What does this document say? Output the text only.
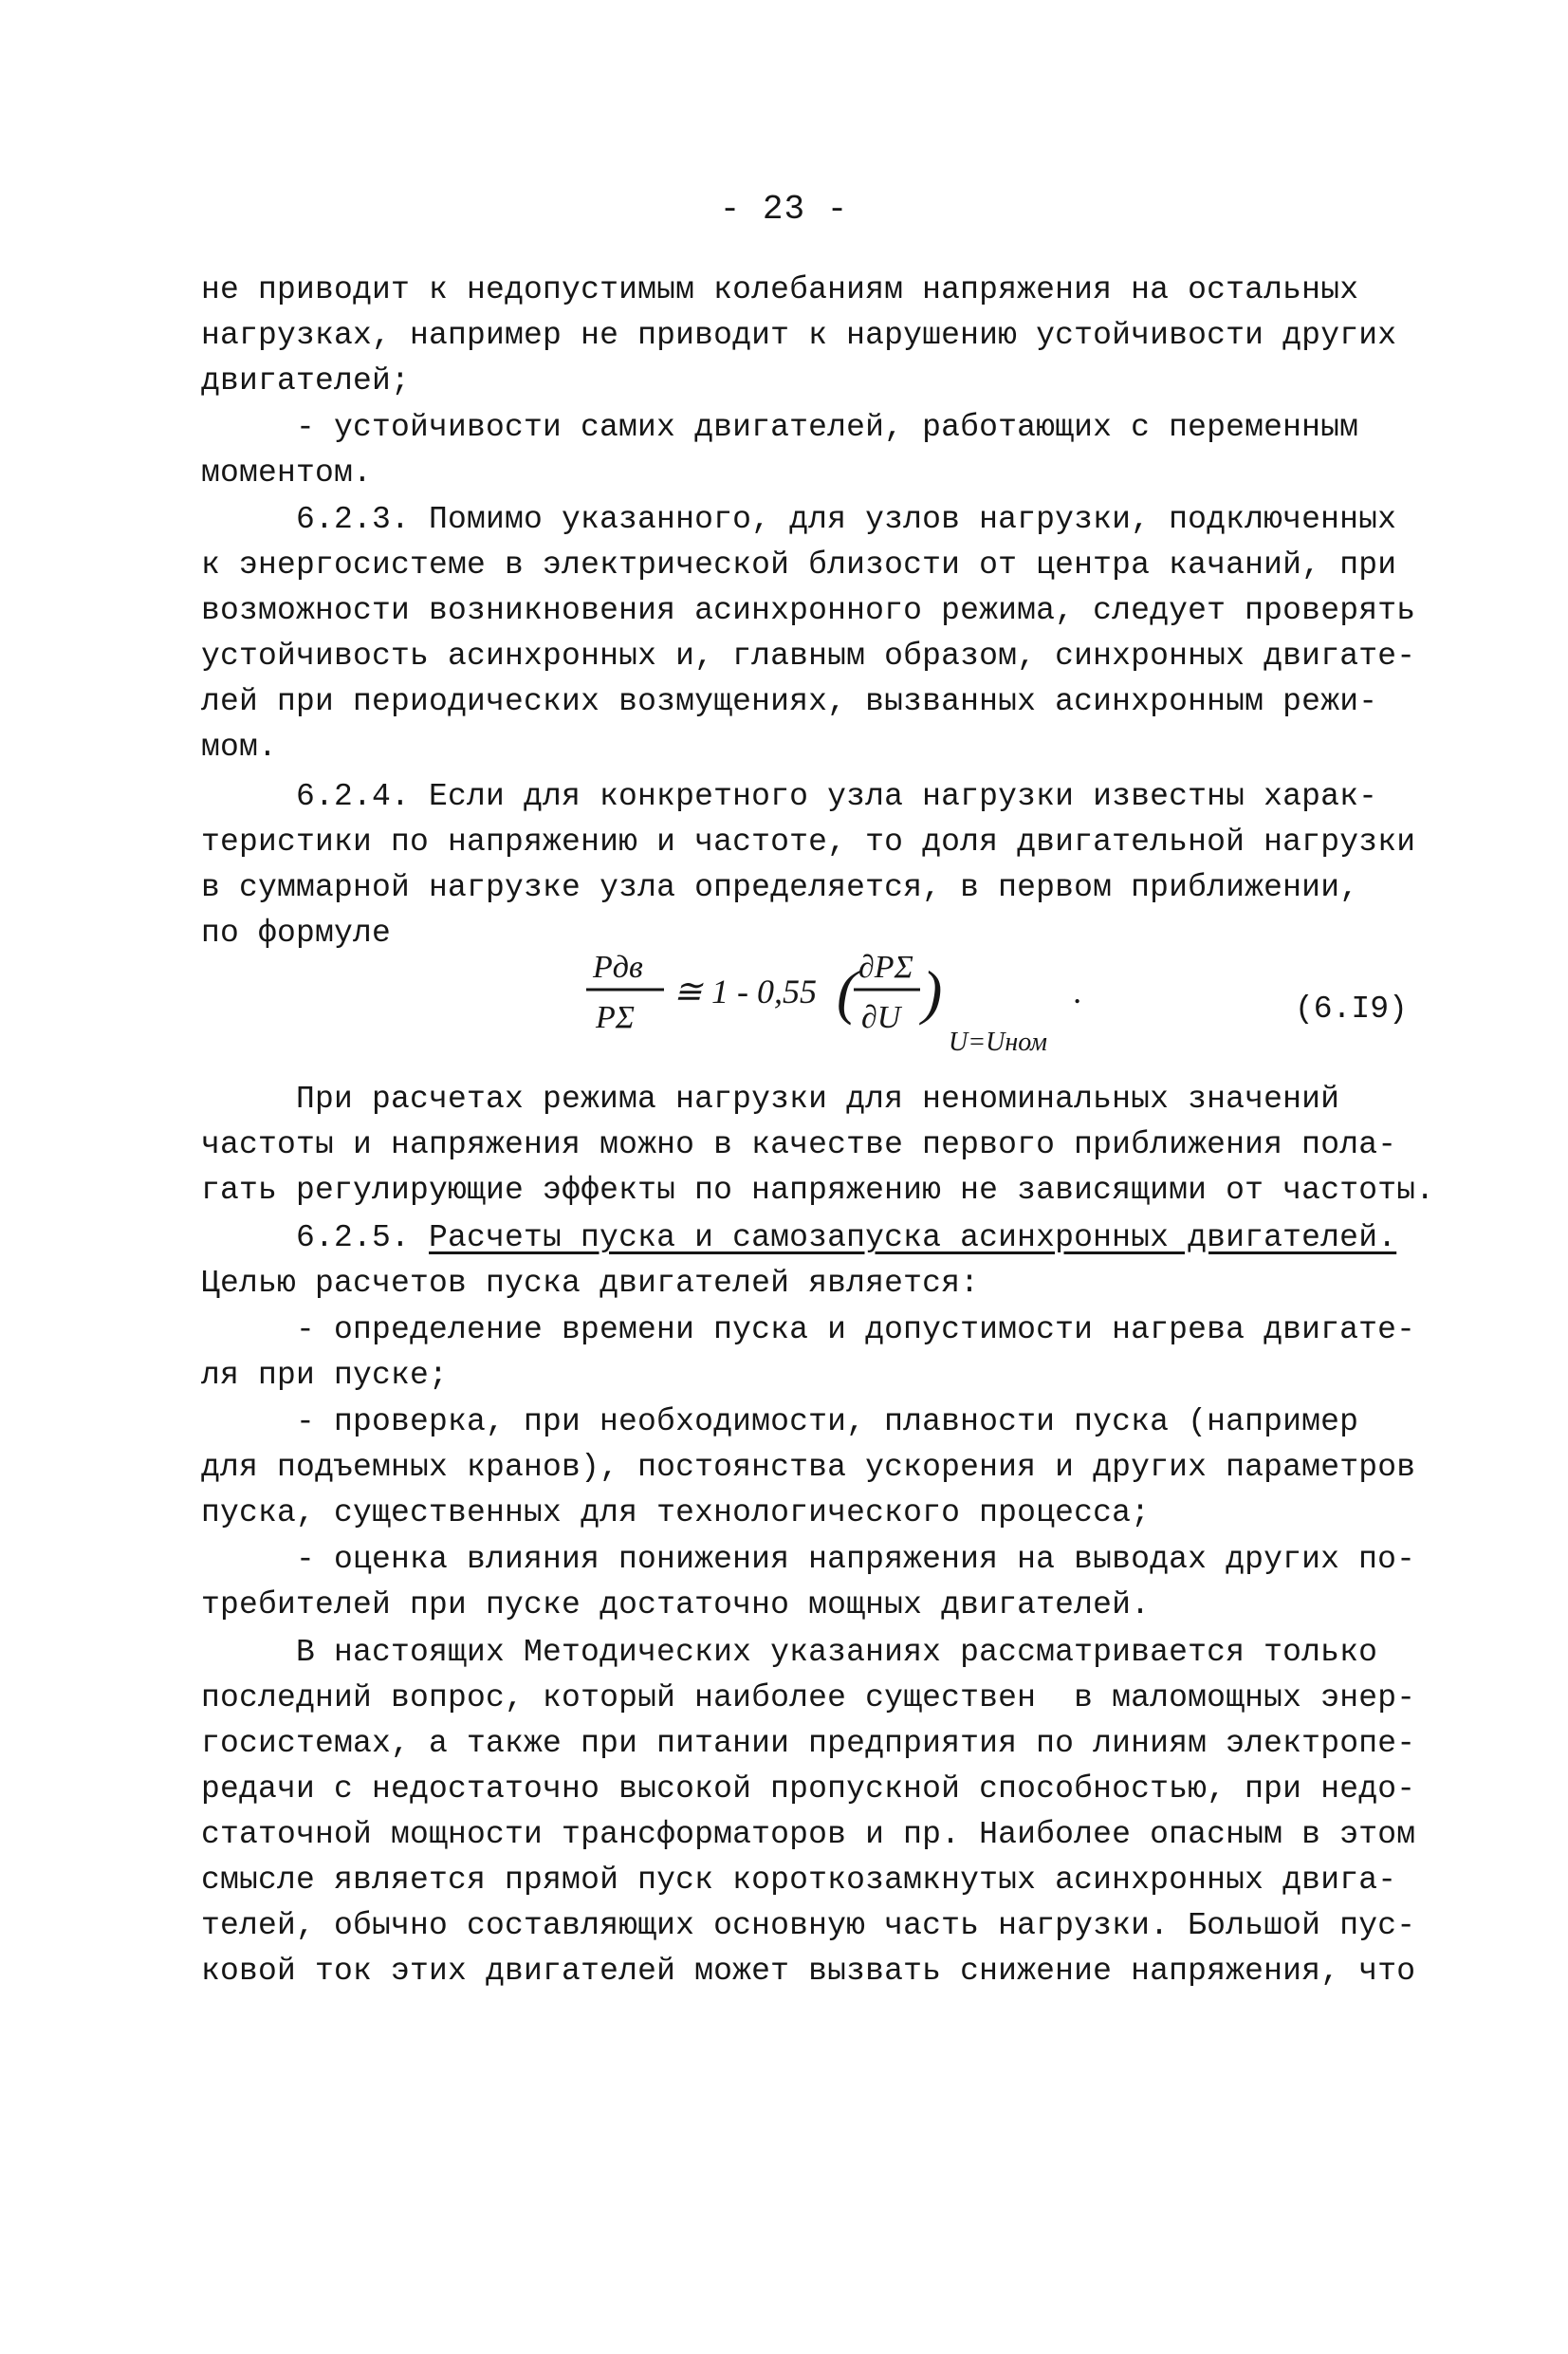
- 23 -
не приводит к недопустимым колебаниям напряжения на остальных
нагрузках, например не приводит к нарушению устойчивости других
двигателей;
- устойчивости самих двигателей, работающих с переменным
моментом.
6.2.3. Помимо указанного, для узлов нагрузки, подключенных
к энергосистеме в электрической близости от центра качаний, при
возможности возникновения асинхронного режима, следует проверять
устойчивость асинхронных и, главным образом, синхронных двигате-
лей при периодических возмущениях, вызванных асинхронным режи-
мом.
6.2.4. Если для конкретного узла нагрузки известны харак-
теристики по напряжению и частоте, то доля двигательной нагрузки
в суммарной нагрузке узла определяется, в первом приближении,
по формуле
Pдв
PΣ
≅ 1 - 0,55 ( ∂PΣ
∂U )
U=Uном
.	(6.I9)
При расчетах режима нагрузки для неноминальных значений
частоты и напряжения можно в качестве первого приближения пола-
гать регулирующие эффекты по напряжению не зависящими от частоты.
6.2.5. Расчеты пуска и самозапуска асинхронных двигателей.
Целью расчетов пуска двигателей является:
- определение времени пуска и допустимости нагрева двигате-
ля при пуске;
- проверка, при необходимости, плавности пуска (например
для подъемных кранов), постоянства ускорения и других параметров
пуска, существенных для технологического процесса;
- оценка влияния понижения напряжения на выводах других по-
требителей при пуске достаточно мощных двигателей.
В настоящих Методических указаниях рассматривается только
последний вопрос, который наиболее существен  в маломощных энер-
госистемах, а также при питании предприятия по линиям электропе-
редачи с недостаточно высокой пропускной способностью, при недо-
статочной мощности трансформаторов и пр. Наиболее опасным в этом
смысле является прямой пуск короткозамкнутых асинхронных двига-
телей, обычно составляющих основную часть нагрузки. Большой пус-
ковой ток этих двигателей может вызвать снижение напряжения, что
